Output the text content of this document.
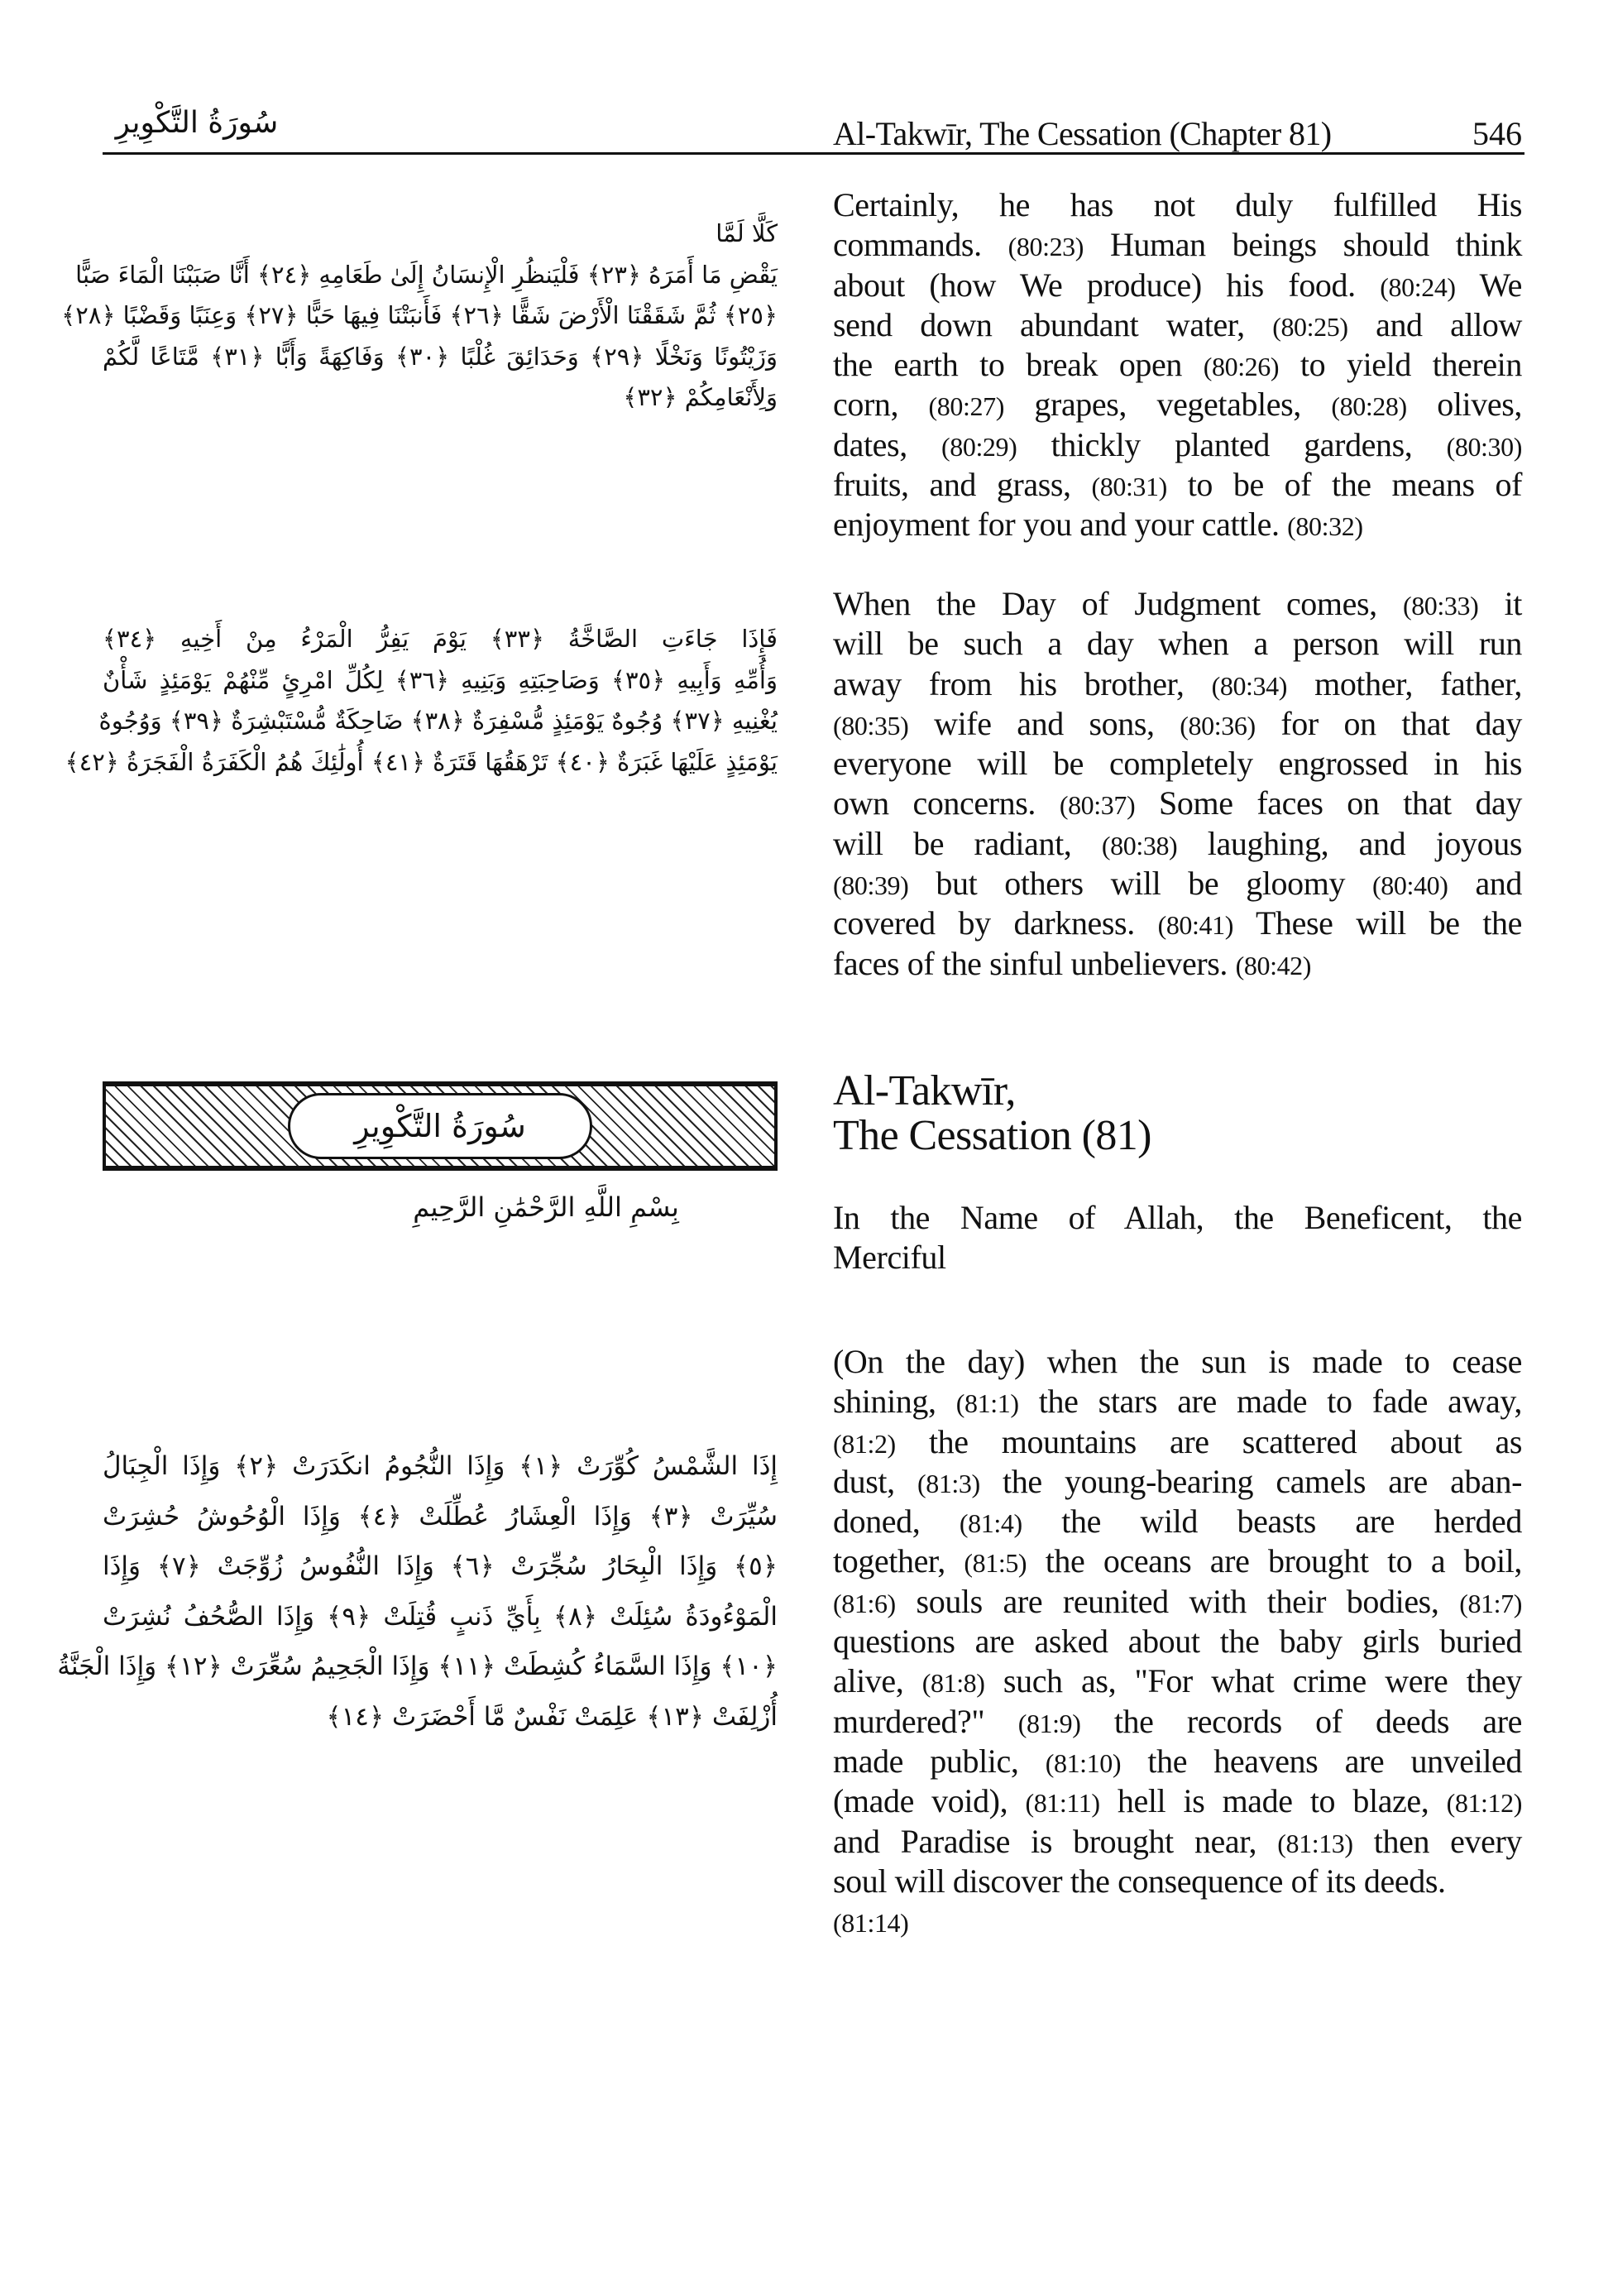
سُورَةُ التَّكْوِيرِ	Al-Takwīr, The Cessation (Chapter 81)	546
كَلَّا لَمَّا
يَقْضِ مَا أَمَرَهُ ﴿٢٣﴾ فَلْيَنظُرِ الْإِنسَانُ إِلَىٰ طَعَامِهِ ﴿٢٤﴾ أَنَّا صَبَبْنَا الْمَاءَ صَبًّا
﴿٢٥﴾ ثُمَّ شَقَقْنَا الْأَرْضَ شَقًّا ﴿٢٦﴾ فَأَنبَتْنَا فِيهَا حَبًّا ﴿٢٧﴾ وَعِنَبًا وَقَضْبًا ﴿٢٨﴾
وَزَيْتُونًا وَنَخْلًا ﴿٢٩﴾ وَحَدَائِقَ غُلْبًا ﴿٣٠﴾ وَفَاكِهَةً وَأَبًّا ﴿٣١﴾ مَّتَاعًا لَّكُمْ
وَلِأَنْعَامِكُمْ ﴿٣٢﴾
فَإِذَا جَاءَتِ الصَّاخَّةُ ﴿٣٣﴾ يَوْمَ يَفِرُّ الْمَرْءُ مِنْ أَخِيهِ ﴿٣٤﴾
وَأُمِّهِ وَأَبِيهِ ﴿٣٥﴾ وَصَاحِبَتِهِ وَبَنِيهِ ﴿٣٦﴾ لِكُلِّ امْرِئٍ مِّنْهُمْ يَوْمَئِذٍ شَأْنٌ
يُغْنِيهِ ﴿٣٧﴾ وُجُوهٌ يَوْمَئِذٍ مُّسْفِرَةٌ ﴿٣٨﴾ ضَاحِكَةٌ مُّسْتَبْشِرَةٌ ﴿٣٩﴾ وَوُجُوهٌ
يَوْمَئِذٍ عَلَيْهَا غَبَرَةٌ ﴿٤٠﴾ تَرْهَقُهَا قَتَرَةٌ ﴿٤١﴾ أُولَٰئِكَ هُمُ الْكَفَرَةُ الْفَجَرَةُ ﴿٤٢﴾
سُورَةُ التَّكْوِيرِ
بِسْمِ اللَّهِ الرَّحْمَٰنِ الرَّحِيمِ
إِذَا الشَّمْسُ كُوِّرَتْ ﴿١﴾ وَإِذَا النُّجُومُ انكَدَرَتْ ﴿٢﴾ وَإِذَا الْجِبَالُ
سُيِّرَتْ ﴿٣﴾ وَإِذَا الْعِشَارُ عُطِّلَتْ ﴿٤﴾ وَإِذَا الْوُحُوشُ حُشِرَتْ
﴿٥﴾ وَإِذَا الْبِحَارُ سُجِّرَتْ ﴿٦﴾ وَإِذَا النُّفُوسُ زُوِّجَتْ ﴿٧﴾ وَإِذَا
الْمَوْءُودَةُ سُئِلَتْ ﴿٨﴾ بِأَيِّ ذَنبٍ قُتِلَتْ ﴿٩﴾ وَإِذَا الصُّحُفُ نُشِرَتْ
﴿١٠﴾ وَإِذَا السَّمَاءُ كُشِطَتْ ﴿١١﴾ وَإِذَا الْجَحِيمُ سُعِّرَتْ ﴿١٢﴾ وَإِذَا الْجَنَّةُ
أُزْلِفَتْ ﴿١٣﴾ عَلِمَتْ نَفْسٌ مَّا أَحْضَرَتْ ﴿١٤﴾
Certainly, he has not duly fulfilled His
commands. (80:23) Human beings should think
about (how We produce) his food. (80:24) We
send down abundant water, (80:25) and allow
the earth to break open (80:26) to yield therein
corn, (80:27) grapes, vegetables, (80:28) olives,
dates, (80:29) thickly planted gardens, (80:30)
fruits, and grass, (80:31) to be of the means of
enjoyment for you and your cattle. (80:32)
When the Day of Judgment comes, (80:33) it
will be such a day when a person will run
away from his brother, (80:34) mother, father,
(80:35) wife and sons, (80:36) for on that day
everyone will be completely engrossed in his
own concerns. (80:37) Some faces on that day
will be radiant, (80:38) laughing, and joyous
(80:39) but others will be gloomy (80:40) and
covered by darkness. (80:41) These will be the
faces of the sinful unbelievers. (80:42)
Al-Takwīr,
The Cessation (81)
In the Name of Allah, the Beneficent, the
Merciful
(On the day) when the sun is made to cease
shining, (81:1) the stars are made to fade away,
(81:2) the mountains are scattered about as
dust, (81:3) the young-bearing camels are aban-
doned, (81:4) the wild beasts are herded
together, (81:5) the oceans are brought to a boil,
(81:6) souls are reunited with their bodies, (81:7)
questions are asked about the baby girls buried
alive, (81:8) such as, "For what crime were they
murdered?" (81:9) the records of deeds are
made public, (81:10) the heavens are unveiled
(made void), (81:11) hell is made to blaze, (81:12)
and Paradise is brought near, (81:13) then every
soul will discover the consequence of its deeds.
(81:14)
